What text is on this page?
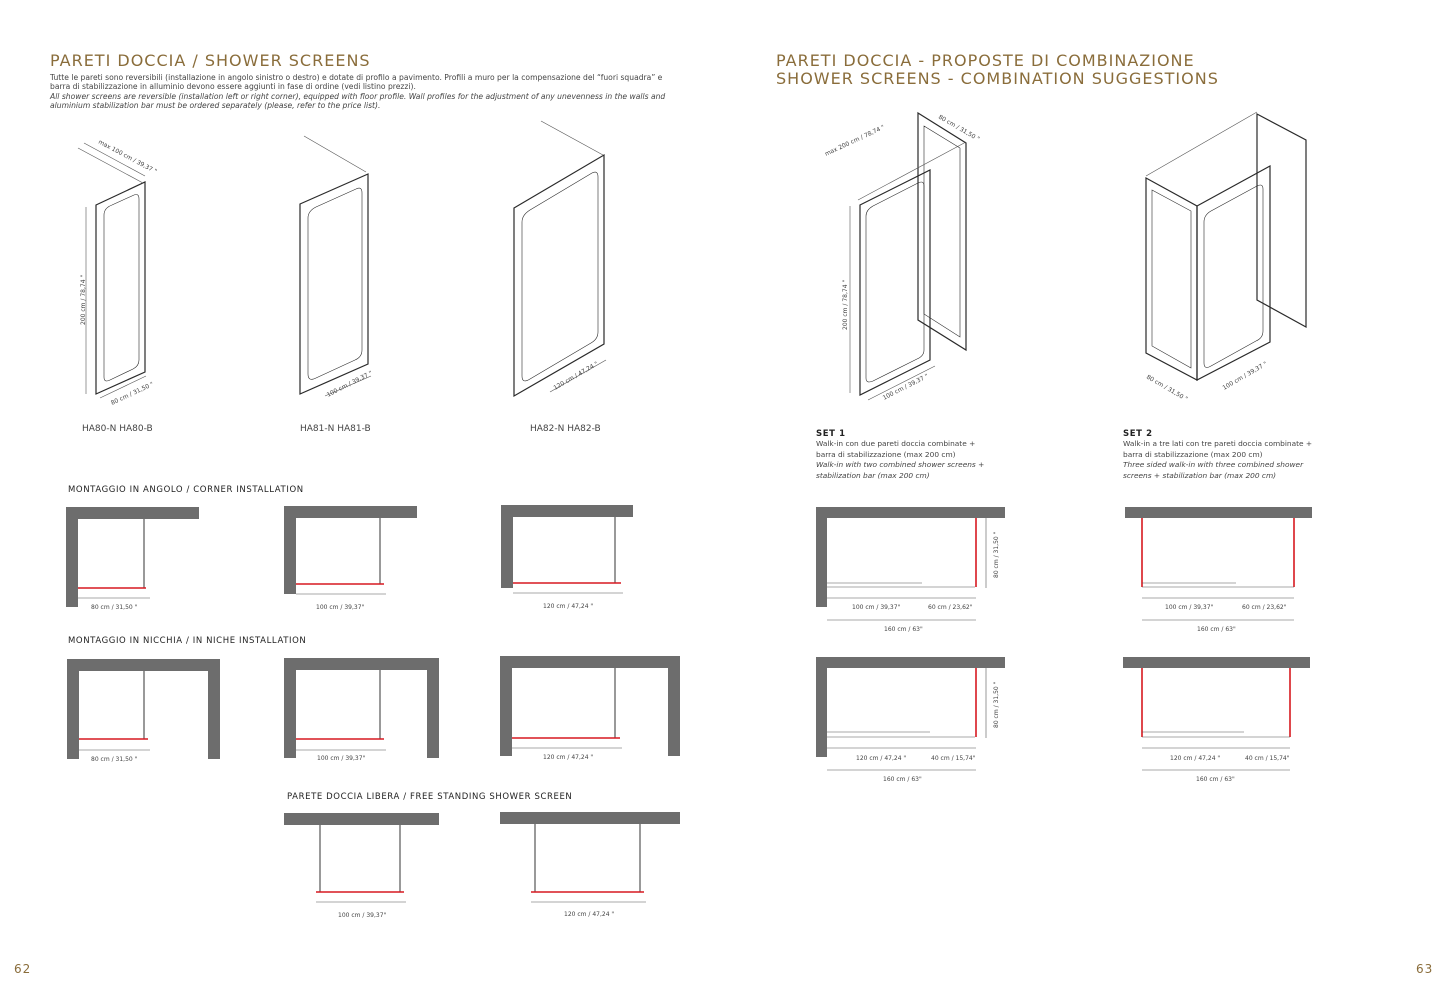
PARETI DOCCIA / SHOWER SCREENS
Tutte le pareti sono reversibili (installazione in angolo sinistro o destro) e dotate di profilo a pavimento. Profili a muro per la compensazione del “fuori squadra” e barra di stabilizzazione in alluminio devono essere aggiunti in fase di ordine (vedi listino prezzi).
All shower screens are reversible (installation left or right corner), equipped with floor profile. Wall profiles for the adjustment of any unevenness in the walls and aluminium stabilization bar must be ordered separately (please, refer to the price list).
HA80-N HA80-B	HA81-N HA81-B	HA82-N HA82-B
MONTAGGIO IN ANGOLO / CORNER INSTALLATION
MONTAGGIO IN NICCHIA / IN NICHE INSTALLATION
PARETE DOCCIA LIBERA / FREE STANDING SHOWER SCREEN
62
PARETI DOCCIA - PROPOSTE DI COMBINAZIONE
SHOWER SCREENS - COMBINATION SUGGESTIONS
SET 1
Walk-in con due pareti doccia combinate + barra di stabilizzazione (max 200 cm)
Walk-in with two combined shower screens + stabilization bar (max 200 cm)
SET 2
Walk-in a tre lati con tre pareti doccia combinate + barra di stabilizzazione (max 200 cm)
Three sided walk-in with three combined shower screens + stabilization bar (max 200 cm)
63
max 100 cm / 39,37 "
200 cm / 78,74 "
80 cm / 31,50 "	100 cm / 39,37 "	120 cm / 47,24 "
80 cm / 31,50 "	100 cm / 39,37"	120 cm / 47,24 "
80 cm / 31,50 "	100 cm / 39,37"	120 cm / 47,24 "
100 cm / 39,37"	120 cm / 47,24 "
max 200 cm / 78,74 "
200 cm / 78,74 "
80 cm / 31,50 "
100 cm / 39,37 "	80 cm / 31,50 "	100 cm / 39,37 "
100 cm / 39,37"	60 cm / 23,62"
160 cm / 63"
80 cm / 31,50 "
120 cm / 47,24 "	40 cm / 15,74"
160 cm / 63"
80 cm / 31,50 "
100 cm / 39,37"	60 cm / 23,62"
160 cm / 63"
120 cm / 47,24 "	40 cm / 15,74"
160 cm / 63"
